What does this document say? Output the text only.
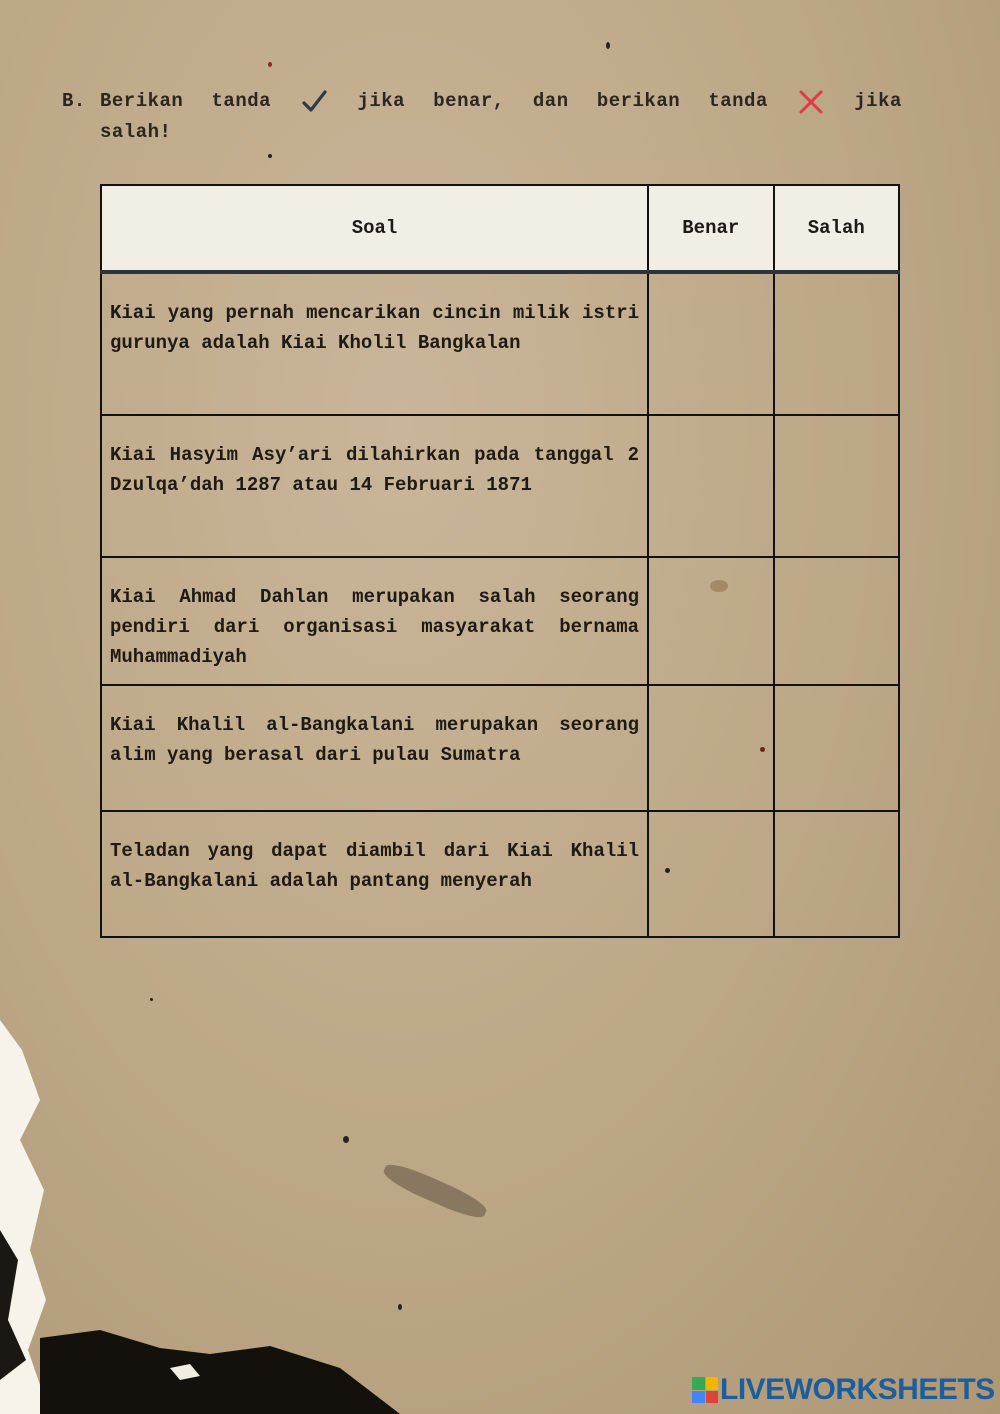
B. Berikan tanda	jika benar, dan berikan tanda	jika
salah!
Soal	Benar	Salah
Kiai yang pernah mencarikan cincin milik istri gurunya adalah Kiai Kholil Bangkalan		
Kiai Hasyim Asy’ari dilahirkan pada tanggal 2 Dzulqa’dah 1287 atau 14 Februari 1871		
Kiai Ahmad Dahlan merupakan salah seorang pendiri dari organisasi masyarakat bernama Muhammadiyah		
Kiai Khalil al-Bangkalani merupakan seorang alim yang berasal dari pulau Sumatra		
Teladan yang dapat diambil dari Kiai Khalil al-Bangkalani adalah pantang menyerah		
LIVEWORKSHEETS
